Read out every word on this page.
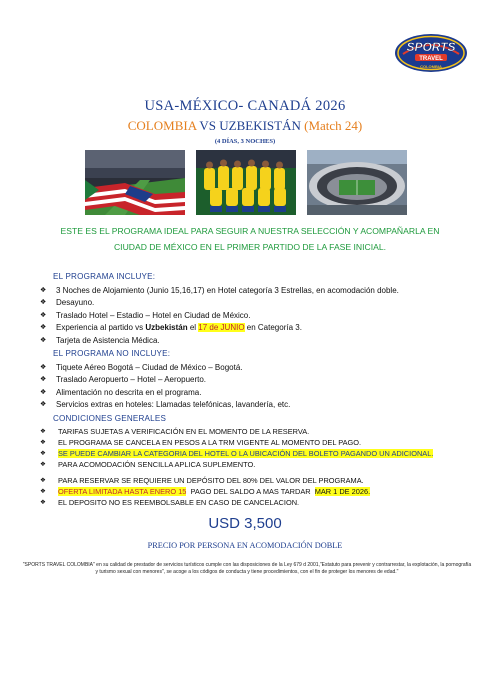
SPORTS
TRAVEL
COLOMBIA
USA-MÉXICO- CANADÁ 2026
COLOMBIA VS UZBEKISTÁN (Match 24)
(4 DÍAS, 3 NOCHES)
ESTE ES EL PROGRAMA IDEAL PARA SEGUIR A NUESTRA SELECCIÓN Y ACOMPAÑARLA EN CIUDAD DE MÉXICO EN EL PRIMER PARTIDO DE LA FASE INICIAL.
EL PROGRAMA INCLUYE:
❖ 3 Noches de Alojamiento (Junio 15,16,17) en Hotel categoría 3 Estrellas, en acomodación doble.
❖ Desayuno.
❖ Traslado Hotel – Estadio – Hotel en Ciudad de México.
❖ Experiencia al partido vs Uzbekistán el 17 de JUNIO en Categoría 3.
❖ Tarjeta de Asistencia Médica.
EL PROGRAMA NO INCLUYE:
❖ Tiquete Aéreo Bogotá – Ciudad de México – Bogotá.
❖ Traslado Aeropuerto – Hotel – Aeropuerto.
❖ Alimentación no descrita en el programa.
❖ Servicios extras en hoteles: Llamadas telefónicas, lavandería, etc.
CONDICIONES GENERALES
❖ TARIFAS SUJETAS A VERIFICACIÓN EN EL MOMENTO DE LA RESERVA.
❖ EL PROGRAMA SE CANCELA EN PESOS A LA TRM VIGENTE AL MOMENTO DEL PAGO.
❖ SE PUEDE CAMBIAR LA CATEGORIA DEL HOTEL O LA UBICACIÓN DEL BOLETO PAGANDO UN ADICIONAL.
❖ PARA ACOMODACIÓN SENCILLA APLICA SUPLEMENTO.
❖ PARA RESERVAR SE REQUIERE UN DEPÓSITO DEL 80% DEL VALOR DEL PROGRAMA.
❖ OFERTA LIMITADA HASTA ENERO 15  PAGO DEL SALDO A MAS TARDAR  MAR 1 DE 2026.
❖ EL DEPOSITO NO ES REEMBOLSABLE EN CASO DE CANCELACION.
USD 3,500
PRECIO POR PERSONA EN ACOMODACIÓN DOBLE
"SPORTS TRAVEL COLOMBIA" en su calidad de prestador de servicios turísticos cumple con las disposiciones de la Ley 679 d 2001,"Estatuto para prevenir y contrarrestar, la explotación, la pornografía y turismo sexual con menores", se acoge a los códigos de conducta y tiene procedimientos, con el fin de proteger los menores de edad."
